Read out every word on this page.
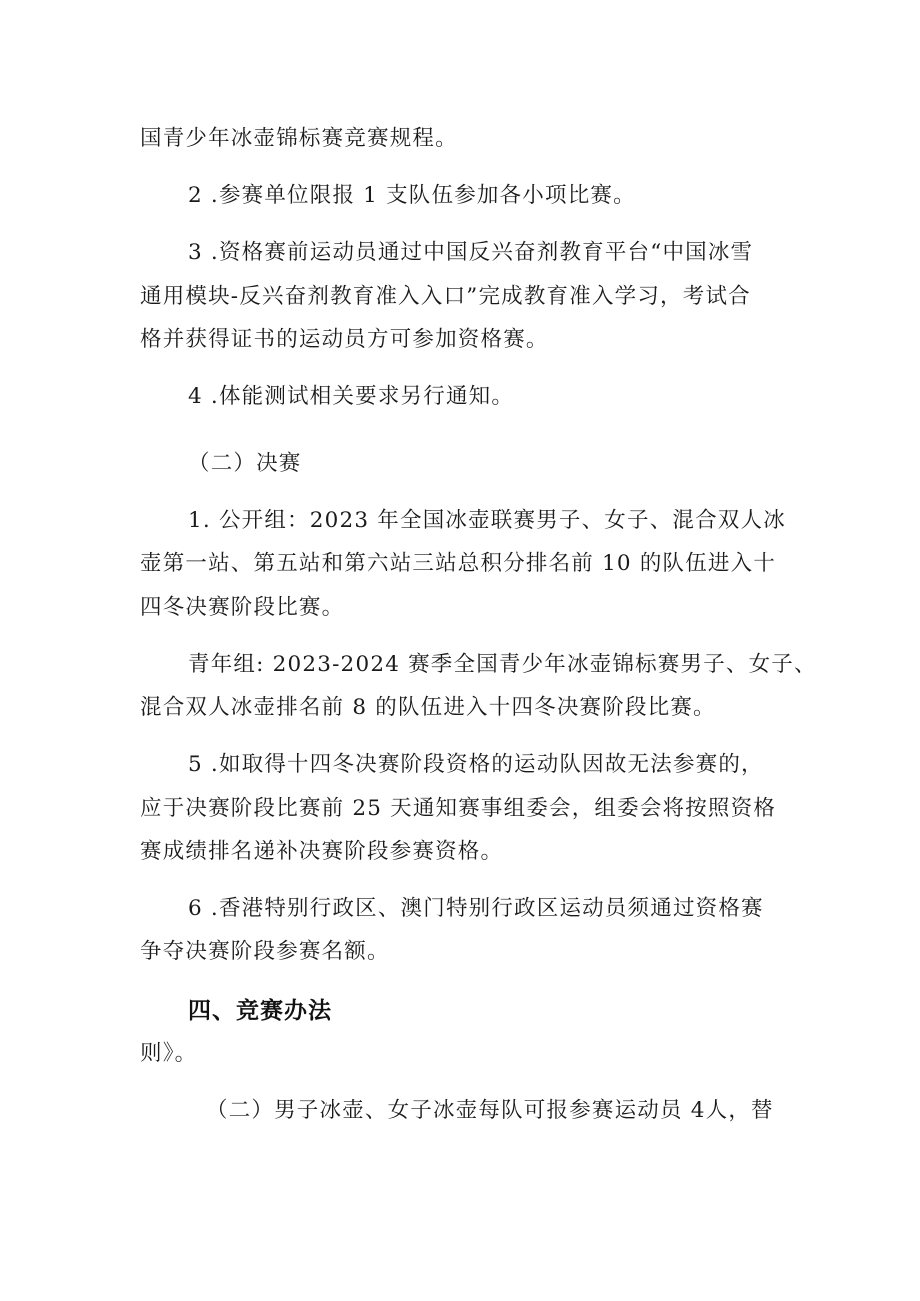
国青少年冰壶锦标赛竞赛规程。
2 .参赛单位限报 1 支队伍参加各小项比赛。
3 .资格赛前运动员通过中国反兴奋剂教育平台“中国冰雪
通用模块-反兴奋剂教育准入入口”完成教育准入学习，考试合
格并获得证书的运动员方可参加资格赛。
4 .体能测试相关要求另行通知。
（二）决赛
1. 公开组：2023 年全国冰壶联赛男子、女子、混合双人冰
壶第一站、第五站和第六站三站总积分排名前 10 的队伍进入十
四冬决赛阶段比赛。
青年组: 2023-2024 赛季全国青少年冰壶锦标赛男子、女子、
混合双人冰壶排名前 8 的队伍进入十四冬决赛阶段比赛。
5 .如取得十四冬决赛阶段资格的运动队因故无法参赛的，
应于决赛阶段比赛前 25 天通知赛事组委会，组委会将按照资格
赛成绩排名递补决赛阶段参赛资格。
6 .香港特别行政区、澳门特别行政区运动员须通过资格赛
争夺决赛阶段参赛名额。
四、竞赛办法
则》。
（二）男子冰壶、女子冰壶每队可报参赛运动员 4人，替
